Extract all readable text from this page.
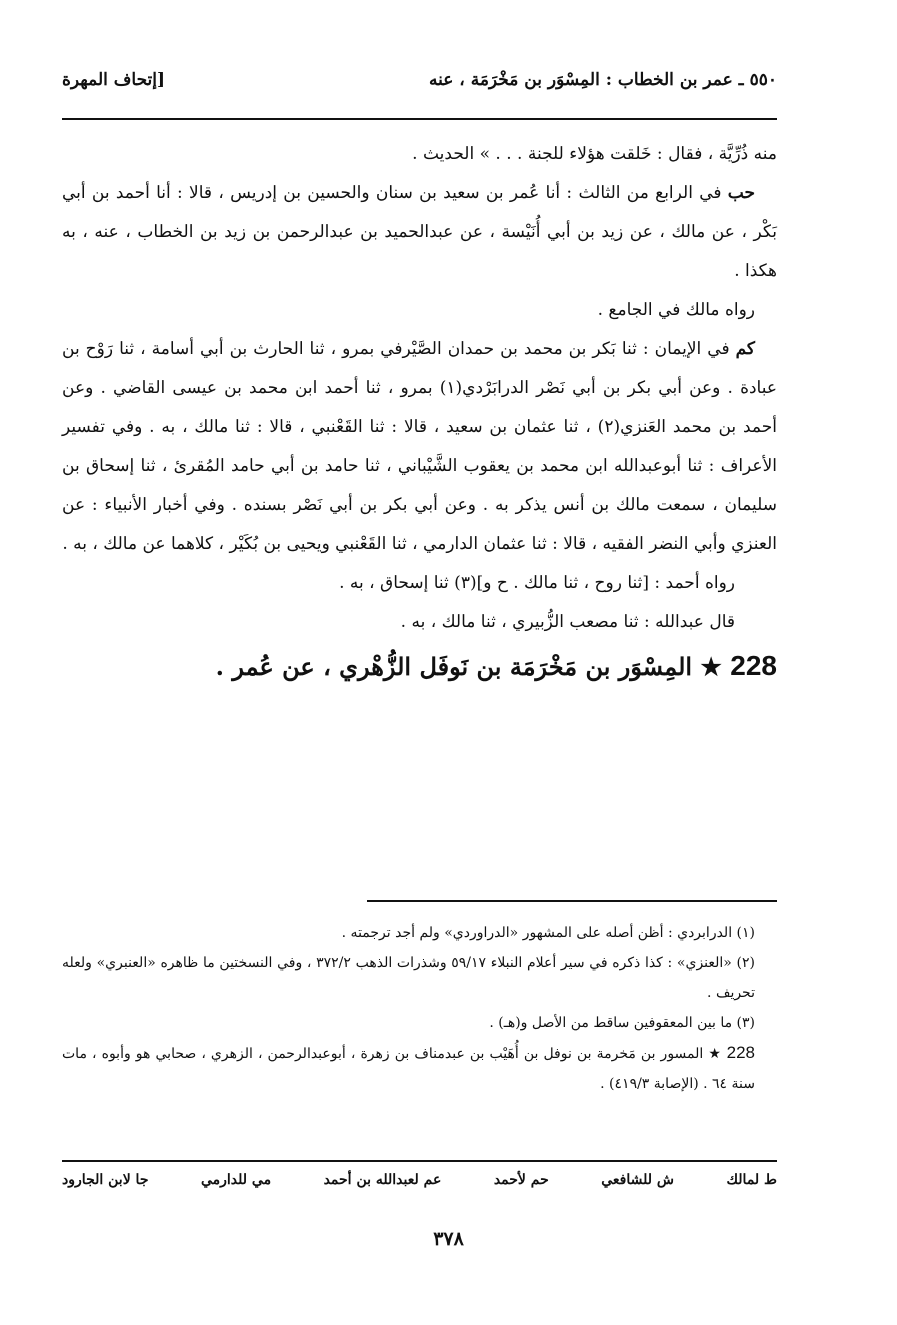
٥٥٠ ـ عمر بن الخطاب : المِسْوَر بن مَخْرَمَة ، عنه
[إتحاف المهرة

منه ذُرِّيَّة ، فقال : خَلقت هؤلاء للجنة . . . » الحديث .

حب في الرابع من الثالث : أنا عُمر بن سعيد بن سنان والحسين بن إدريس ، قالا : أنا أحمد بن أبي بَكْر ، عن مالك ، عن زيد بن أبي أُنَيْسة ، عن عبدالحميد بن عبدالرحمن بن زيد بن الخطاب ، عنه ، به هكذا .

رواه مالك في الجامع .

كم في الإيمان : ثنا بَكر بن محمد بن حمدان الصَّيْرفي بمرو ، ثنا الحارث بن أبي أسامة ، ثنا رَوْح بن عبادة . وعن أبي بكر بن أبي نَصْر الدرابَرْدي(١) بمرو ، ثنا أحمد ابن محمد بن عيسى القاضي . وعن أحمد بن محمد العَنزي(٢) ، ثنا عثمان بن سعيد ، قالا : ثنا القَعْنبي ، قالا : ثنا مالك ، به . وفي تفسير الأعراف : ثنا أبوعبدالله ابن محمد بن يعقوب الشَّيْباني ، ثنا حامد بن أبي حامد المُقرئ ، ثنا إسحاق بن سليمان ، سمعت مالك بن أنس يذكر به . وعن أبي بكر بن أبي نَصْر بسنده . وفي أخبار الأنبياء : عن العنزي وأبي النضر الفقيه ، قالا : ثنا عثمان الدارمي ، ثنا القَعْنبي ويحيى بن بُكَيْر ، كلاهما عن مالك ، به .

رواه أحمد : [ثنا روح ، ثنا مالك . ح و](٣) ثنا إسحاق ، به .

قال عبدالله : ثنا مصعب الزُّبيري ، ثنا مالك ، به .

228 ★ المِسْوَر بن مَخْرَمَة بن نَوفَل الزُّهْري ، عن عُمر .

(١) الدرابردي : أظن أصله على المشهور «الدراوردي» ولم أجد ترجمته .

(٢) «العنزي» : كذا ذكره في سير أعلام النبلاء ٥٩/١٧ وشذرات الذهب ٣٧٢/٢ ، وفي النسختين ما ظاهره «العنبري» ولعله تحريف .

(٣) ما بين المعقوفين ساقط من الأصل و(هـ) .

228 ★ المسور بن مَخرمة بن نوفل بن أُهَيْب بن عبدمناف بن زهرة ، أبوعبدالرحمن ، الزهري ، صحابي هو وأبوه ، مات سنة ٦٤ . (الإصابة ٤١٩/٣) .

ط لمالك
ش للشافعي
حم لأحمد
عم لعبدالله بن أحمد
مي للدارمي
جا لابن الجارود
٣٧٨
